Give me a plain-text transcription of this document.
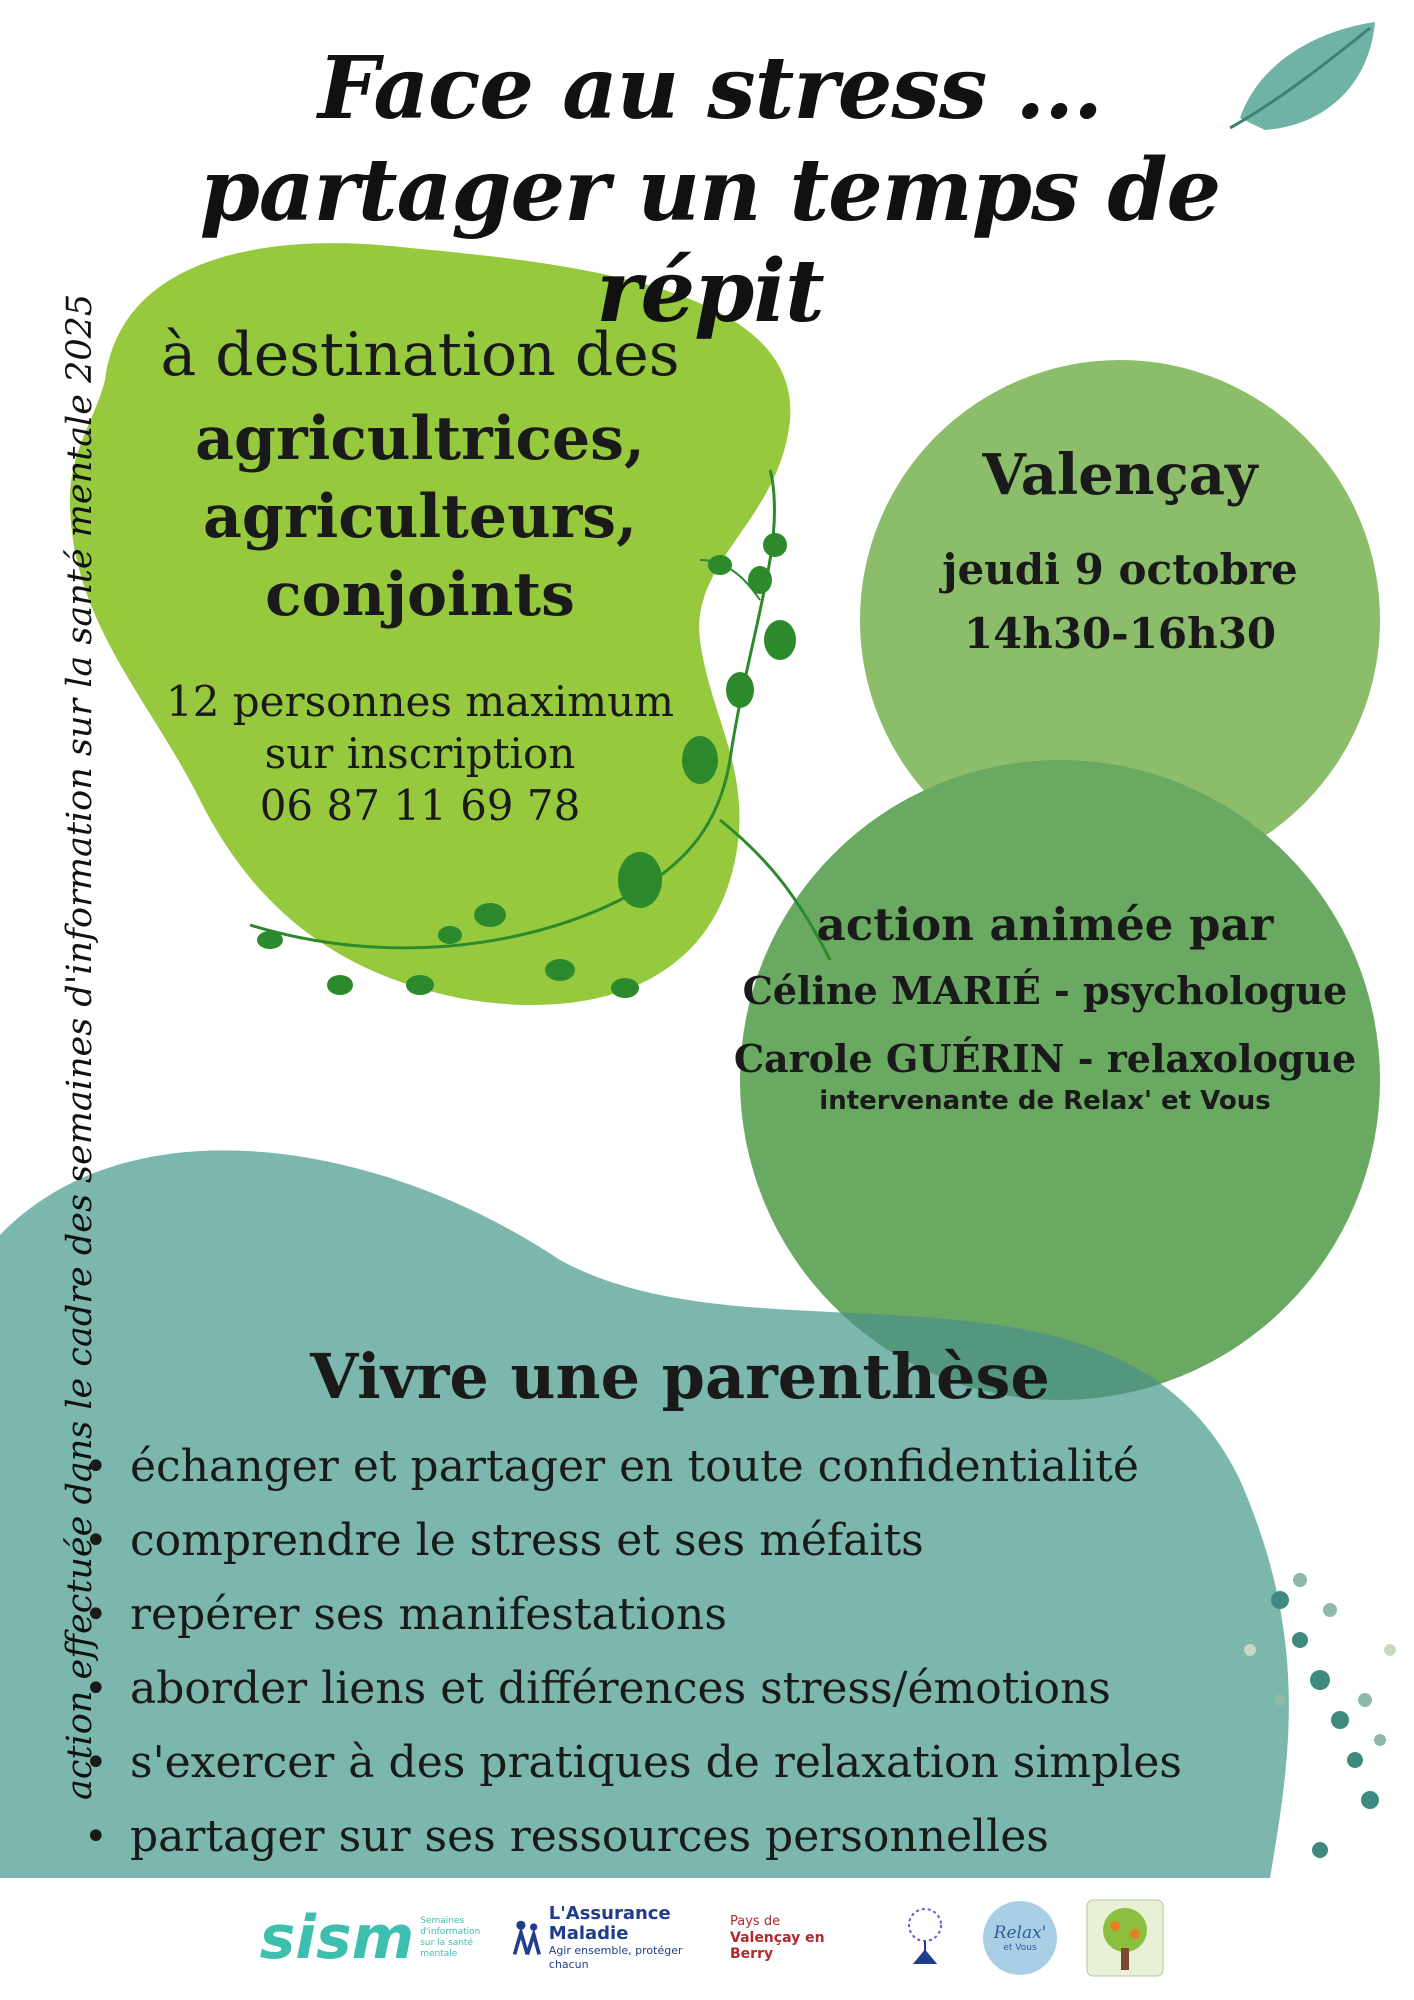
Face au stress ...
partager un temps de répit
action effectuée dans le cadre des semaines d'information sur la santé mentale 2025	à destination des
agricultrices,
agriculteurs,
conjoints
12 personnes maximum
sur inscription
06 87 11 69 78
Valençay
jeudi 9 octobre
14h30-16h30
action animée par
Céline MARIÉ - psychologue
Carole GUÉRIN - relaxologue
intervenante de Relax' et Vous
Vivre une parenthèse
• échanger et partager en toute confidentialité
• comprendre le stress et ses méfaits
• repérer ses manifestations
• aborder liens et différences stress/émotions
• s'exercer à des pratiques de relaxation simples
• partager sur ses ressources personnelles
sism Semaines d'information
sur la santé mentale
L'Assurance
Maladie
Agir ensemble, protéger chacun
Pays de
Valençay en Berry
Relax'
et Vous
